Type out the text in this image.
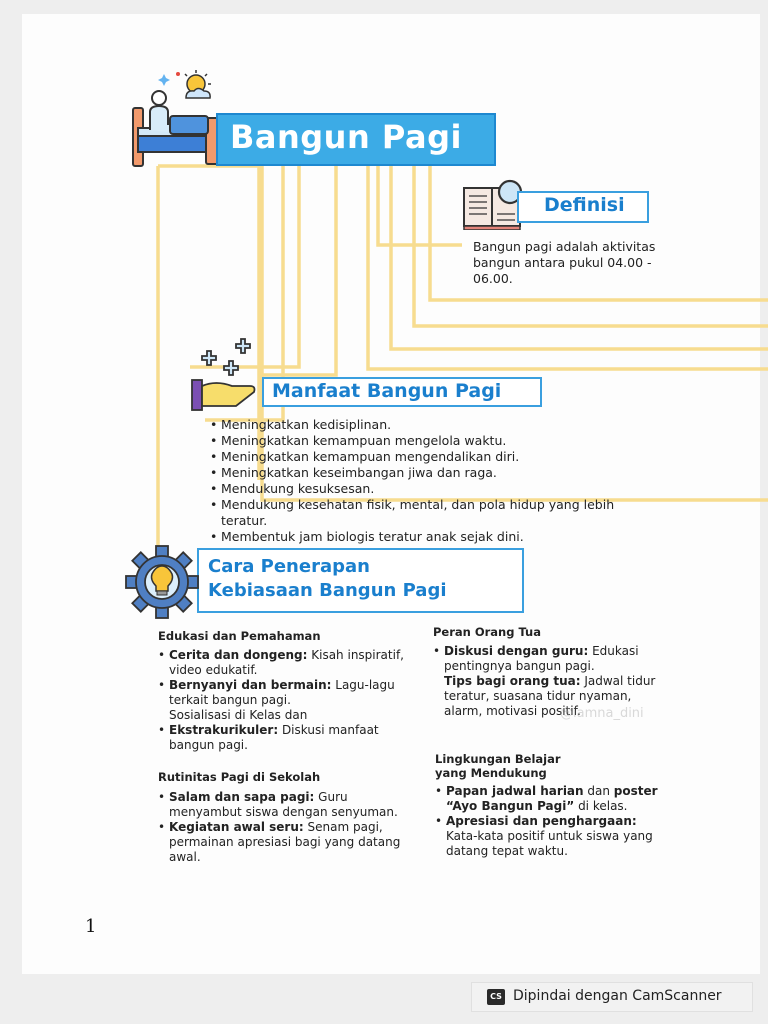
Bangun Pagi
Definisi
Bangun pagi adalah aktivitas bangun antara pukul 04.00 - 06.00.
Manfaat Bangun Pagi
• Meningkatkan kedisiplinan.
• Meningkatkan kemampuan mengelola waktu.
• Meningkatkan kemampuan mengendalikan diri.
• Meningkatkan keseimbangan jiwa dan raga.
• Mendukung kesuksesan.
• Mendukung kesehatan fisik, mental, dan pola hidup yang lebih teratur.
• Membentuk jam biologis teratur anak sejak dini.
Cara Penerapan
Kebiasaan Bangun Pagi
Edukasi dan Pemahaman
• Cerita dan dongeng: Kisah inspiratif, video edukatif.
• Bernyanyi dan bermain: Lagu-lagu terkait bangun pagi.
Sosialisasi di Kelas dan
• Ekstrakurikuler: Diskusi manfaat bangun pagi.
Rutinitas Pagi di Sekolah
• Salam dan sapa pagi: Guru menyambut siswa dengan senyuman.
• Kegiatan awal seru: Senam pagi, permainan apresiasi bagi yang datang awal.
Peran Orang Tua
• Diskusi dengan guru: Edukasi pentingnya bangun pagi.
Tips bagi orang tua: Jadwal tidur teratur, suasana tidur nyaman, alarm, motivasi positif.
Lingkungan Belajar
yang Mendukung
• Papan jadwal harian dan poster “Ayo Bangun Pagi” di kelas.
• Apresiasi dan penghargaan: Kata-kata positif untuk siswa yang datang tepat waktu.
@iamna_dini
1
CS Dipindai dengan CamScanner
